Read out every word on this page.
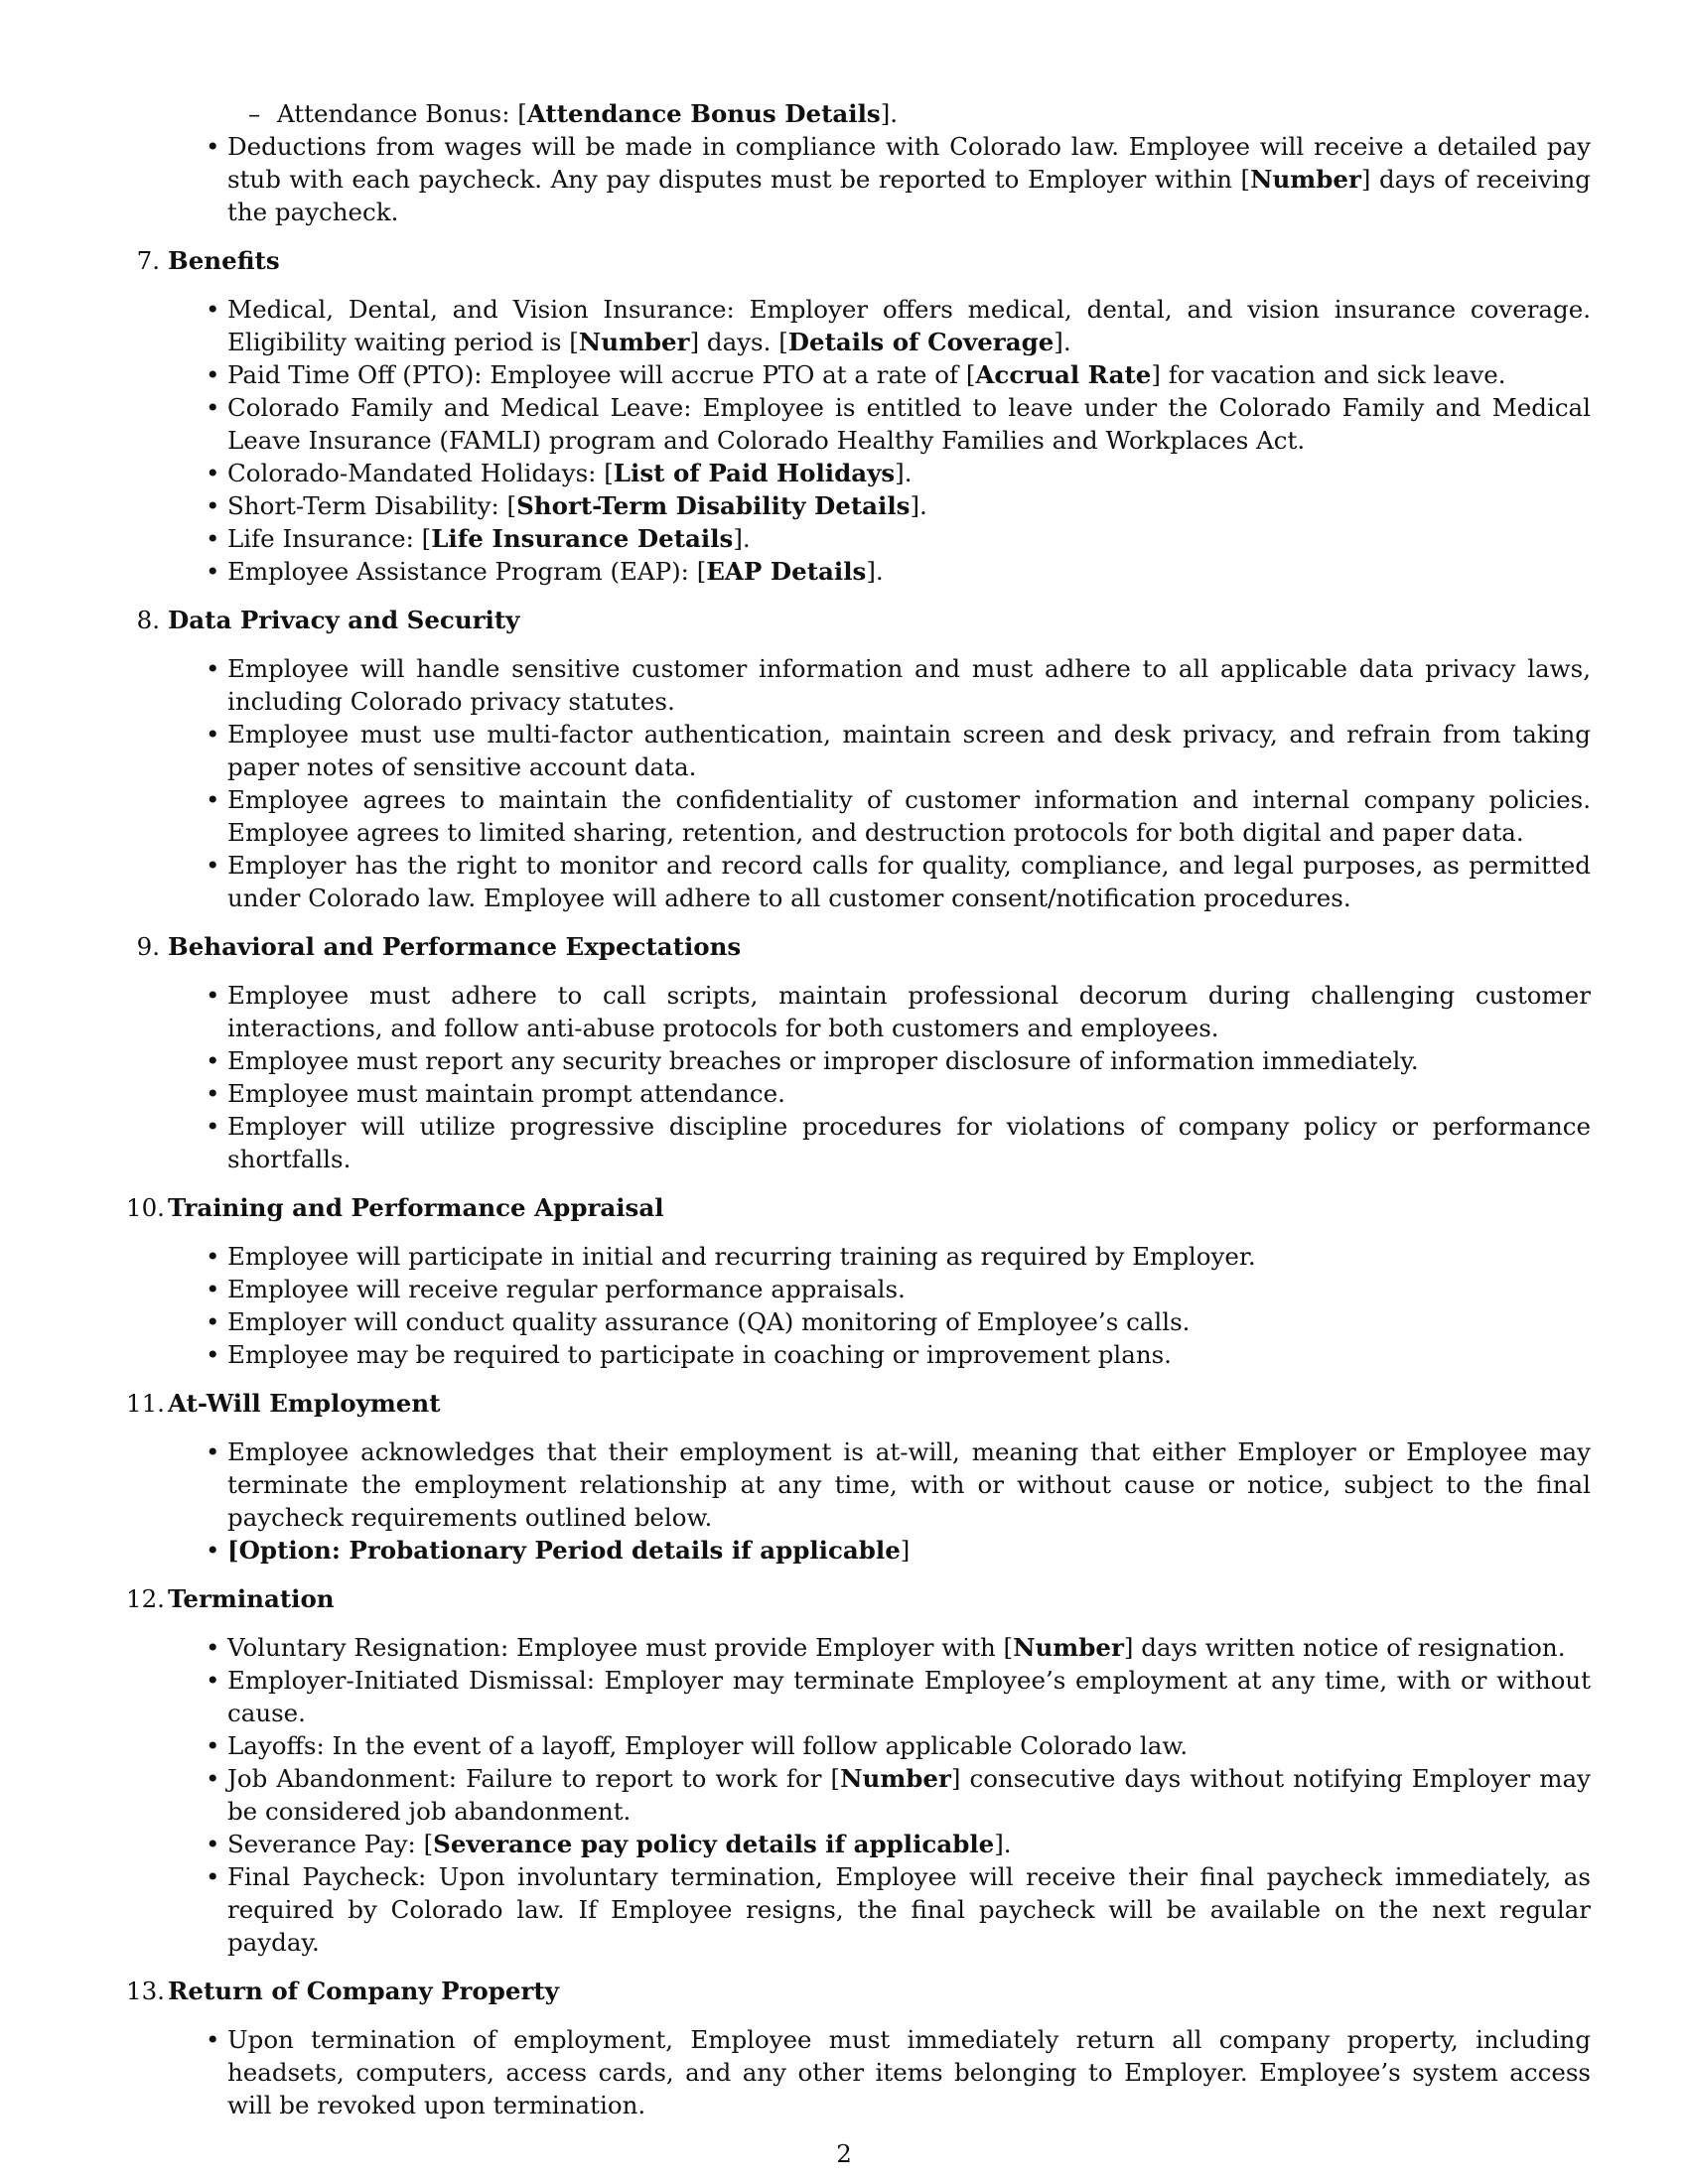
– Attendance Bonus: [Attendance Bonus Details].
• Deductions from wages will be made in compliance with Colorado law. Employee will receive a detailed pay stub with each paycheck. Any pay disputes must be reported to Employer within [Number] days of receiving the paycheck.
7. Benefits
• Medical, Dental, and Vision Insurance: Employer offers medical, dental, and vision insurance coverage. Eligibility waiting period is [Number] days. [Details of Coverage].
• Paid Time Off (PTO): Employee will accrue PTO at a rate of [Accrual Rate] for vacation and sick leave.
• Colorado Family and Medical Leave: Employee is entitled to leave under the Colorado Family and Medical Leave Insurance (FAMLI) program and Colorado Healthy Families and Workplaces Act.
• Colorado-Mandated Holidays: [List of Paid Holidays].
• Short-Term Disability: [Short-Term Disability Details].
• Life Insurance: [Life Insurance Details].
• Employee Assistance Program (EAP): [EAP Details].
8. Data Privacy and Security
• Employee will handle sensitive customer information and must adhere to all applicable data privacy laws, including Colorado privacy statutes.
• Employee must use multi-factor authentication, maintain screen and desk privacy, and refrain from taking paper notes of sensitive account data.
• Employee agrees to maintain the confidentiality of customer information and internal company policies. Employee agrees to limited sharing, retention, and destruction protocols for both digital and paper data.
• Employer has the right to monitor and record calls for quality, compliance, and legal purposes, as permitted under Colorado law. Employee will adhere to all customer consent/notification procedures.
9. Behavioral and Performance Expectations
• Employee must adhere to call scripts, maintain professional decorum during challenging customer interactions, and follow anti-abuse protocols for both customers and employees.
• Employee must report any security breaches or improper disclosure of information immediately.
• Employee must maintain prompt attendance.
• Employer will utilize progressive discipline procedures for violations of company policy or performance shortfalls.
10. Training and Performance Appraisal
• Employee will participate in initial and recurring training as required by Employer.
• Employee will receive regular performance appraisals.
• Employer will conduct quality assurance (QA) monitoring of Employee’s calls.
• Employee may be required to participate in coaching or improvement plans.
11. At-Will Employment
• Employee acknowledges that their employment is at-will, meaning that either Employer or Employee may terminate the employment relationship at any time, with or without cause or notice, subject to the final paycheck requirements outlined below.
• [Option: Probationary Period details if applicable]
12. Termination
• Voluntary Resignation: Employee must provide Employer with [Number] days written notice of resignation.
• Employer-Initiated Dismissal: Employer may terminate Employee’s employment at any time, with or without cause.
• Layoffs: In the event of a layoff, Employer will follow applicable Colorado law.
• Job Abandonment: Failure to report to work for [Number] consecutive days without notifying Employer may be considered job abandonment.
• Severance Pay: [Severance pay policy details if applicable].
• Final Paycheck: Upon involuntary termination, Employee will receive their final paycheck immediately, as required by Colorado law. If Employee resigns, the final paycheck will be available on the next regular payday.
13. Return of Company Property
• Upon termination of employment, Employee must immediately return all company property, including headsets, computers, access cards, and any other items belonging to Employer. Employee’s system access will be revoked upon termination.
2
